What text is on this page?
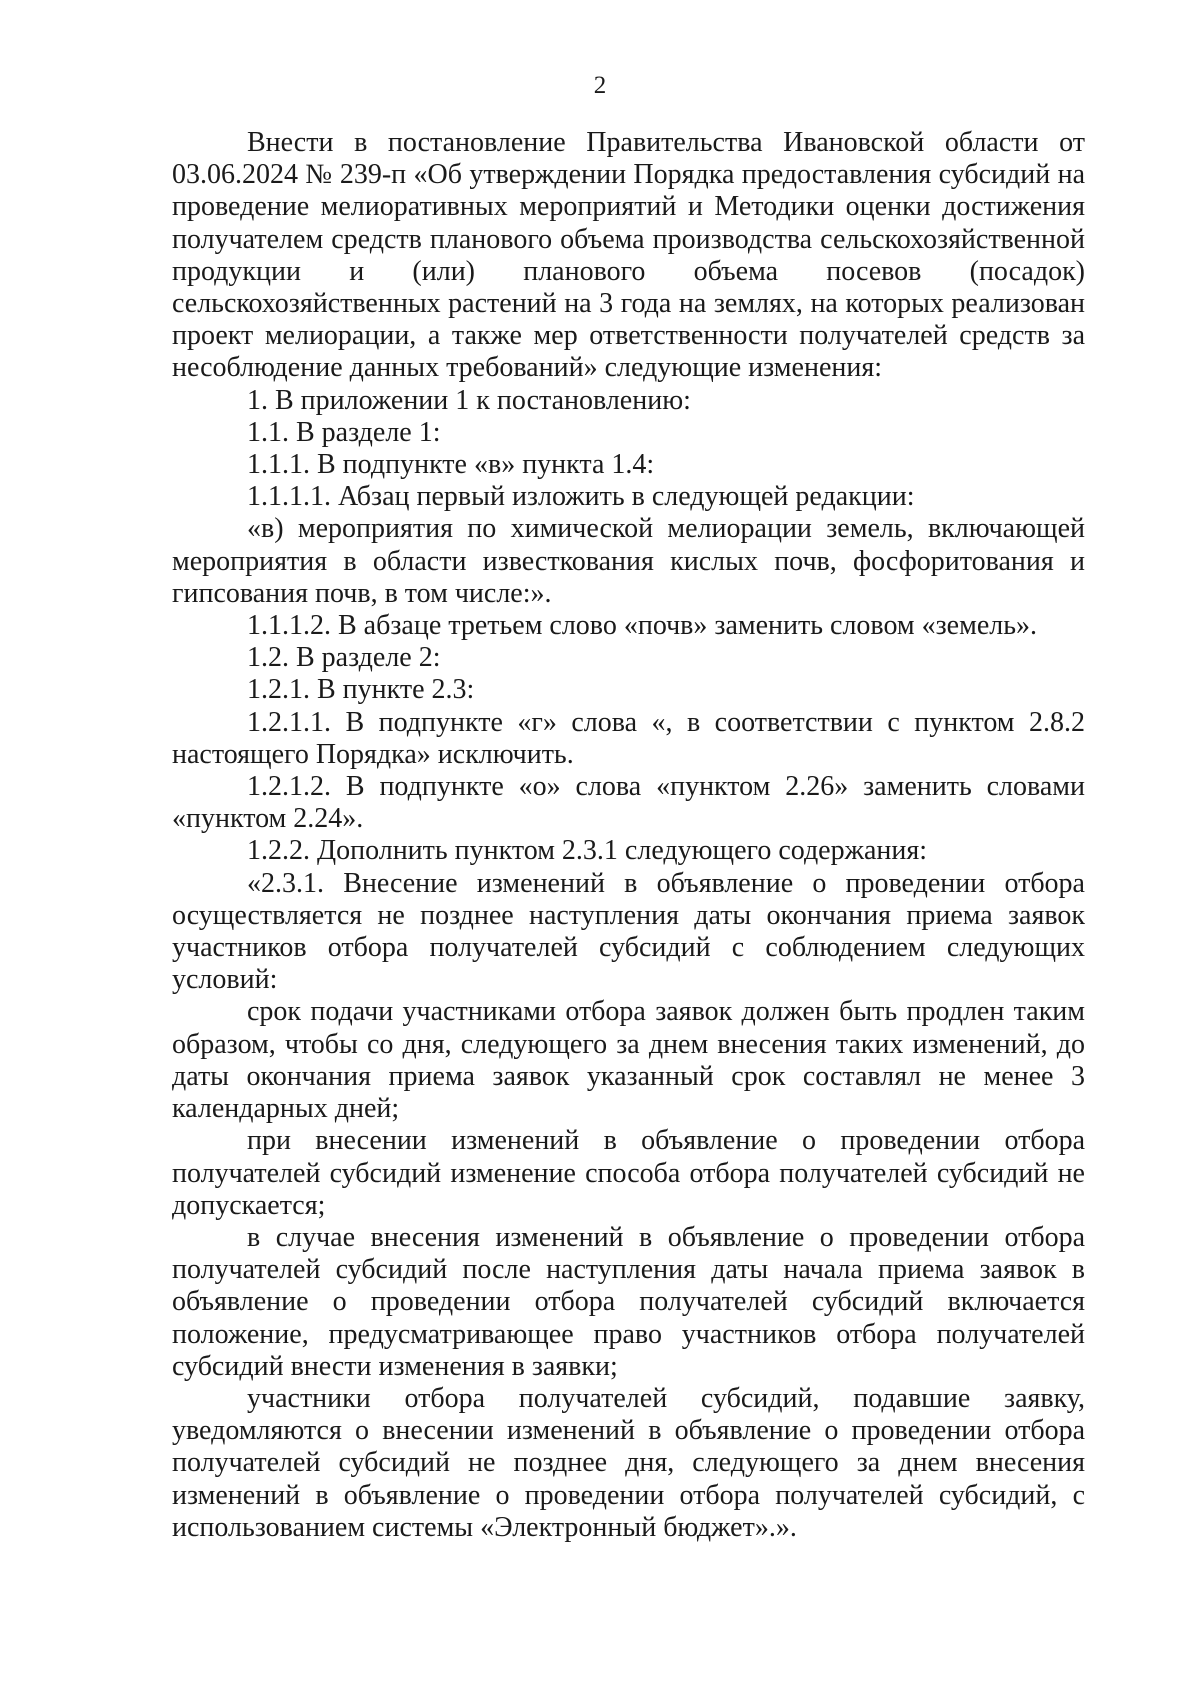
2

Внести в постановление Правительства Ивановской области от 03.06.2024 № 239-п «Об утверждении Порядка предоставления субсидий на проведение мелиоративных мероприятий и Методики оценки достижения получателем средств планового объема производства сельскохозяйственной продукции и (или) планового объема посевов (посадок) сельскохозяйственных растений на 3 года на землях, на которых реализован проект мелиорации, а также мер ответственности получателей средств за несоблюдение данных требований» следующие изменения:

1. В приложении 1 к постановлению:

1.1. В разделе 1:

1.1.1. В подпункте «в» пункта 1.4:

1.1.1.1. Абзац первый изложить в следующей редакции:

«в) мероприятия по химической мелиорации земель, включающей мероприятия в области известкования кислых почв, фосфоритования и гипсования почв, в том числе:».

1.1.1.2. В абзаце третьем слово «почв» заменить словом «земель».

1.2. В разделе 2:

1.2.1. В пункте 2.3:

1.2.1.1. В подпункте «г» слова «, в соответствии с пунктом 2.8.2 настоящего Порядка» исключить.

1.2.1.2. В подпункте «о» слова «пунктом 2.26» заменить словами «пунктом 2.24».

1.2.2. Дополнить пунктом 2.3.1 следующего содержания:

«2.3.1. Внесение изменений в объявление о проведении отбора осуществляется не позднее наступления даты окончания приема заявок участников отбора получателей субсидий с соблюдением следующих условий:

срок подачи участниками отбора заявок должен быть продлен таким образом, чтобы со дня, следующего за днем внесения таких изменений, до даты окончания приема заявок указанный срок составлял не менее 3 календарных дней;

при внесении изменений в объявление о проведении отбора получателей субсидий изменение способа отбора получателей субсидий не допускается;

в случае внесения изменений в объявление о проведении отбора получателей субсидий после наступления даты начала приема заявок в объявление о проведении отбора получателей субсидий включается положение, предусматривающее право участников отбора получателей субсидий внести изменения в заявки;

участники отбора получателей субсидий, подавшие заявку, уведомляются о внесении изменений в объявление о проведении отбора получателей субсидий не позднее дня, следующего за днем внесения изменений в объявление о проведении отбора получателей субсидий, с использованием системы «Электронный бюджет».».
